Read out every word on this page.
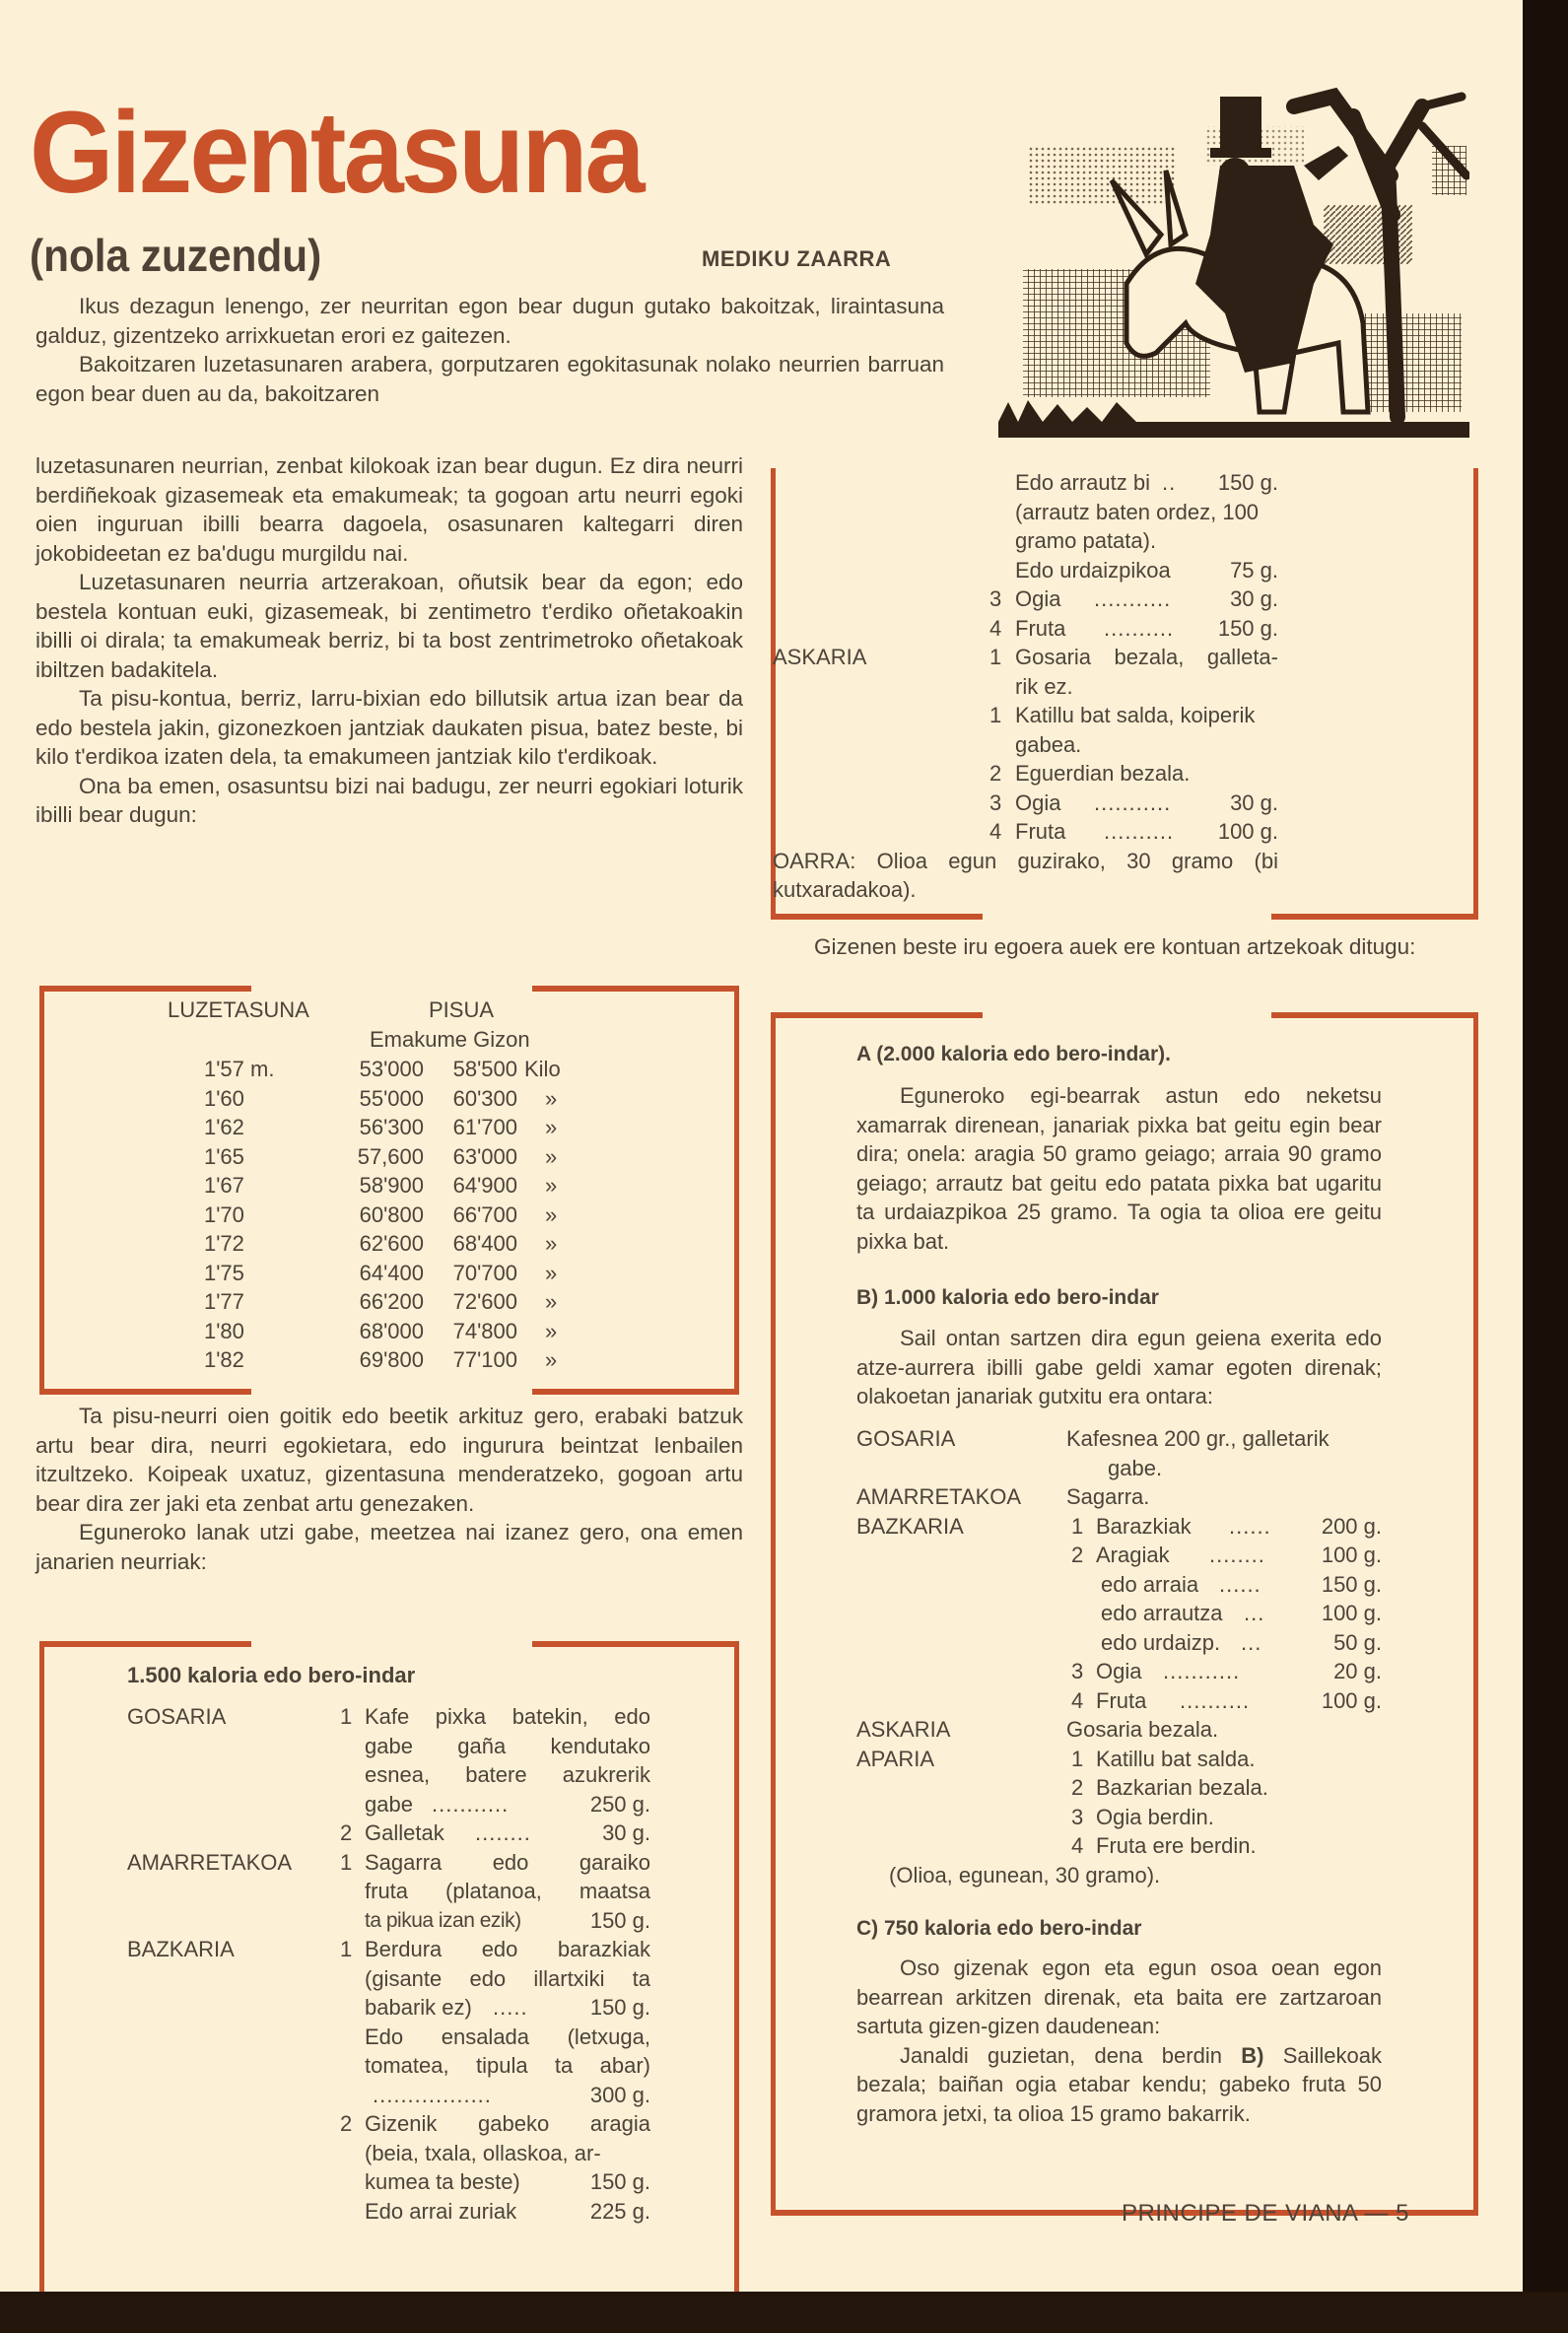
Gizentasuna
(nola zuzendu)	MEDIKU ZAARRA

Ikus dezagun lenengo, zer neurritan egon bear dugun gutako bakoitzak, liraintasuna galduz, gizentzeko arrixkuetan erori ez gaitezen.

Bakoitzaren luzetasunaren arabera, gorputzaren egokitasunak nolako neurrien barruan egon bear duen au da, bakoitzaren

luzetasunaren neurrian, zenbat kilokoak izan bear dugun. Ez dira neurri berdiñekoak gizasemeak eta emakumeak; ta gogoan artu neurri egoki oien inguruan ibilli bearra dagoela, osasunaren kaltegarri diren jokobideetan ez ba'dugu murgildu nai.

Luzetasunaren neurria artzerakoan, oñutsik bear da egon; edo bestela kontuan euki, gizasemeak, bi zentimetro t'erdiko oñetakoakin ibilli oi dirala; ta emakumeak berriz, bi ta bost zentrimetroko oñetakoak ibiltzen badakitela.

Ta pisu-kontua, berriz, larru-bixian edo billutsik artua izan bear da edo bestela jakin, gizonezkoen jantziak daukaten pisua, batez beste, bi kilo t'erdikoa izaten dela, ta emakumeen jantziak kilo t'erdikoak.

Ona ba emen, osasuntsu bizi nai badugu, zer neurri egokiari loturik ibilli bear dugun:

LUZETASUNA	PISUA
Emakume Gizon
1'57 m.	53'000	58'500 Kilo
1'60	55'000	60'300 »
1'62	56'300	61'700 »
1'65	57,600	63'000 »
1'67	58'900	64'900 »
1'70	60'800	66'700 »
1'72	62'600	68'400 »
1'75	64'400	70'700 »
1'77	66'200	72'600 »
1'80	68'000	74'800 »
1'82	69'800	77'100 »

Ta pisu-neurri oien goitik edo beetik arkituz gero, erabaki batzuk artu bear dira, neurri egokietara, edo ingurura beintzat lenbailen itzultzeko. Koipeak uxatuz, gizentasuna menderatzeko, gogoan artu bear dira zer jaki eta zenbat artu genezaken.

Eguneroko lanak utzi gabe, meetzea nai izanez gero, ona emen janarien neurriak:

1.500 kaloria edo bero-indar
GOSARIA	1 Kafe pixka batekin, edo
gabe gaña kendutako
esnea, batere azukrerik
gabe ...........	250 g.
2 Galletak ........	30 g.
AMARRETAKOA 1 Sagarra edo garaiko
fruta (platanoa, maatsa
ta pikua izan ezik)	150 g.
BAZKARIA	1 Berdura edo barazkiak
(gisante edo illartxiki ta
babarik ez) .....	150 g.
Edo ensalada (letxuga,
tomatea, tipula ta abar)
.................	300 g.
2 Gizenik gabeko aragia
(beia, txala, ollaskoa, ar-
kumea ta beste)	150 g.
Edo arrai zuriak	225 g.
Edo arrautz bi ..	150 g.
(arrautz baten ordez, 100
gramo patata).
Edo urdaizpikoa	75 g.
3 Ogia ...........	30 g.
4 Fruta ..........	150 g.
ASKARIA	1 Gosaria bezala, galleta-
rik ez.
1 Katillu bat salda, koiperik
gabea.
2 Eguerdian bezala.
3 Ogia ...........	30 g.
4 Fruta ..........	100 g.
OARRA: Olioa egun guzirako, 30 gramo (bi
kutxaradakoa).

Gizenen beste iru egoera auek ere kontuan artzekoak ditugu:

A (2.000 kaloria edo bero-indar).

Eguneroko egi-bearrak astun edo neketsu xamarrak direnean, janariak pixka bat geitu egin bear dira; onela: aragia 50 gramo geiago; arraia 90 gramo geiago; arrautz bat geitu edo patata pixka bat ugaritu ta urdaiazpikoa 25 gramo. Ta ogia ta olioa ere geitu pixka bat.

B) 1.000 kaloria edo bero-indar

Sail ontan sartzen dira egun geiena exerita edo atze-aurrera ibilli gabe geldi xamar egoten direnak; olakoetan janariak gutxitu era ontara:

GOSARIA	Kafesnea 200 gr., galletarik
gabe.
AMARRETAKOA Sagarra.
BAZKARIA	1 Barazkiak ......	200 g.
2 Aragiak ........	100 g.
edo arraia ......	150 g.
edo arrautza ...	100 g.
edo urdaizp. ...	50 g.
3 Ogia ...........	20 g.
4 Fruta ..........	100 g.
ASKARIA	Gosaria bezala.
APARIA	1 Katillu bat salda.
2 Bazkarian bezala.
3 Ogia berdin.
4 Fruta ere berdin.
(Olioa, egunean, 30 gramo).
C) 750 kaloria edo bero-indar

Oso gizenak egon eta egun osoa oean egon bearrean arkitzen direnak, eta baita ere zartzaroan sartuta gizen-gizen daudenean:

Janaldi guzietan, dena berdin B) Saillekoak bezala; baiñan ogia etabar kendu; gabeko fruta 50 gramora jetxi, ta olioa 15 gramo bakarrik.

PRINCIPE DE VIANA — 5
